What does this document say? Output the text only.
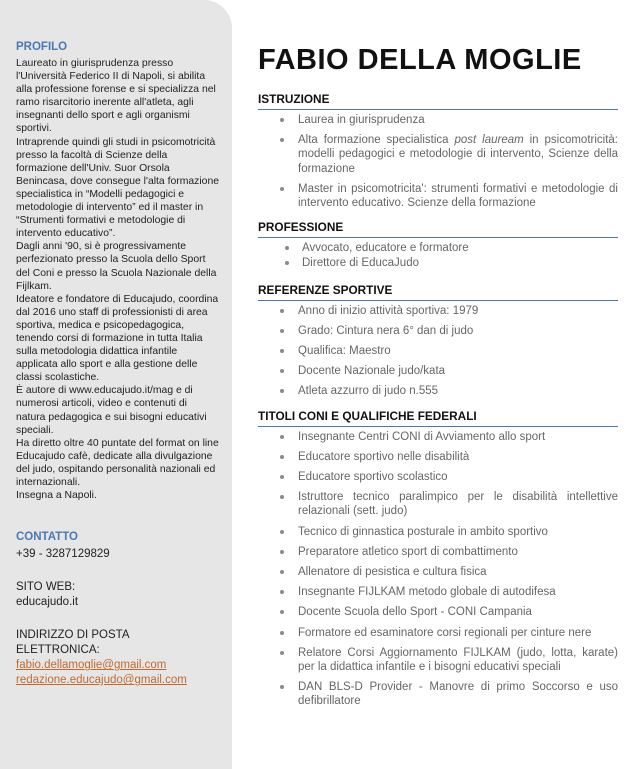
PROFILO

Laureato in giurisprudenza presso l'Università Federico II di Napoli, si abilita alla professione forense e si specializza nel ramo risarcitorio inerente all'atleta, agli insegnanti dello sport e agli organismi sportivi.

Intraprende quindi gli studi in psicomotricità presso la facoltà di Scienze della formazione dell'Univ. Suor Orsola Benincasa, dove consegue l'alta formazione specialistica in “Modelli pedagogici e metodologie di intervento” ed il master in “Strumenti formativi e metodologie di intervento educativo”.

Dagli anni '90, si è progressivamente perfezionato presso la Scuola dello Sport del Coni e presso la Scuola Nazionale della Fijlkam.

Ideatore e fondatore di Educajudo, coordina dal 2016 uno staff di professionisti di area sportiva, medica e psicopedagogica, tenendo corsi di formazione in tutta Italia sulla metodologia didattica infantile applicata allo sport e alla gestione delle classi scolastiche.

È autore di www.educajudo.it/mag e di numerosi articoli, video e contenuti di natura pedagogica e sui bisogni educativi speciali.

Ha diretto oltre 40 puntate del format on line Educajudo cafè, dedicate alla divulgazione del judo, ospitando personalità nazionali ed internazionali.

Insegna a Napoli.

CONTATTO

+39 - 3287129829

SITO WEB:

educajudo.it

INDIRIZZO DI POSTA

ELETTRONICA:

fabio.dellamoglie@gmail.com
redazione.educajudo@gmail.com
FABIO DELLA MOGLIE
ISTRUZIONE
Laurea in giurisprudenza
Alta formazione specialistica post lauream in psicomotricità: modelli pedagogici e metodologie di intervento, Scienze della formazione
Master in psicomotricita': strumenti formativi e metodologie di intervento educativo. Scienze della formazione
PROFESSIONE
Avvocato, educatore e formatore
Direttore di EducaJudo
REFERENZE SPORTIVE
Anno di inizio attività sportiva: 1979
Grado: Cintura nera 6° dan di judo
Qualifica: Maestro
Docente Nazionale judo/kata
Atleta azzurro di judo n.555
TITOLI CONI E QUALIFICHE FEDERALI
Insegnante Centri CONI di Avviamento allo sport
Educatore sportivo nelle disabilità
Educatore sportivo scolastico
Istruttore tecnico paralimpico per le disabilità intellettive relazionali (sett. judo)
Tecnico di ginnastica posturale in ambito sportivo
Preparatore atletico sport di combattimento
Allenatore di pesistica e cultura fisica
Insegnante FIJLKAM metodo globale di autodifesa
Docente Scuola dello Sport - CONI Campania
Formatore ed esaminatore corsi regionali per cinture nere
Relatore Corsi Aggiornamento FIJLKAM (judo, lotta, karate) per la didattica infantile e i bisogni educativi speciali
DAN BLS-D Provider - Manovre di primo Soccorso e uso defibrillatore
